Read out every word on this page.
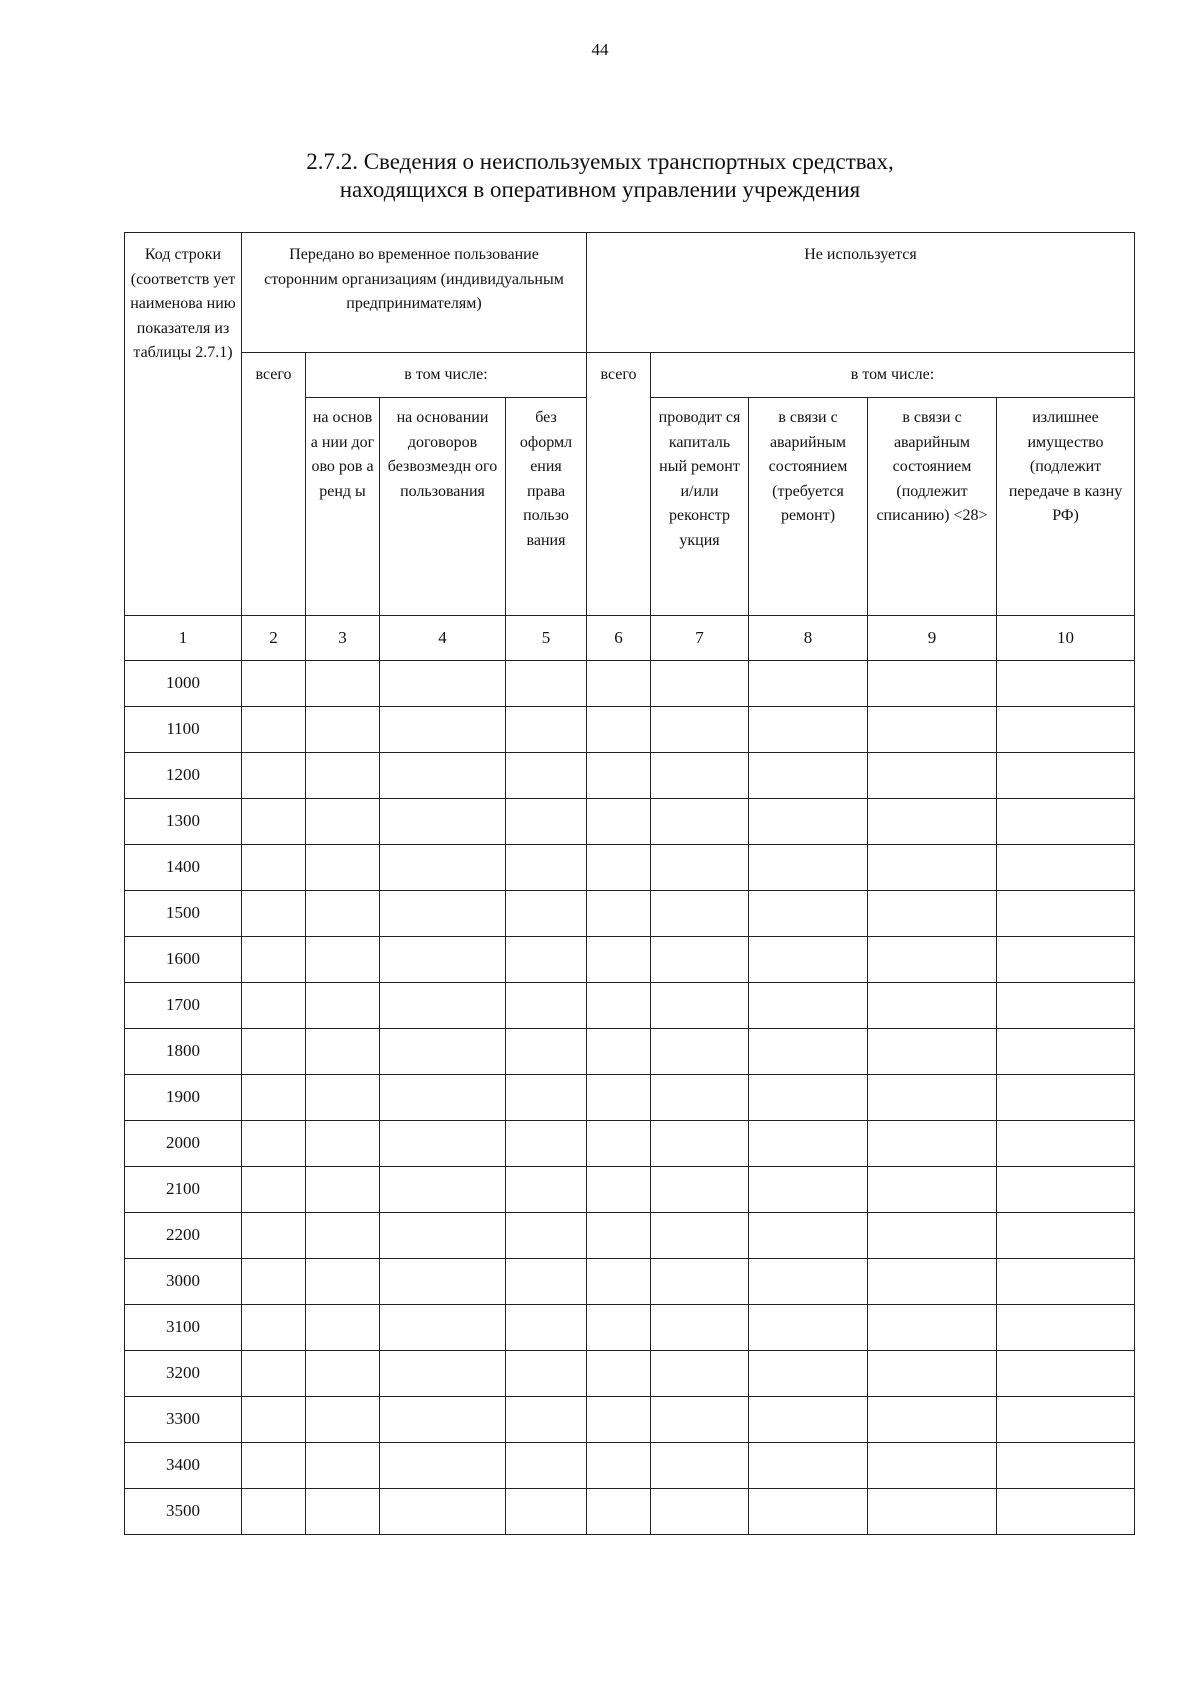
44
2.7.2. Сведения о неиспользуемых транспортных средствах,
находящихся в оперативном управлении учреждения
Код строки (соответств ует наименова нию показателя из таблицы 2.7.1)	Передано во временное пользование сторонним организациям (индивидуальным предпринимателям)				Не используется				

	всего	в том числе:			всего	в том числе:			

		на основа нии догово ров аренд ы	на основании договоров безвозмездн ого пользования	без оформл ения права пользо вания		проводит ся капиталь ный ремонт и/или реконстр укция	в связи с аварийным состоянием (требуется ремонт)	в связи с аварийным состоянием (подлежит списанию) <28>	излишнее имущество (подлежит передаче в казну РФ)

1	2	3	4	5	6	7	8	9	10
1000									
1100									
1200									
1300									
1400									
1500									
1600									
1700									
1800									
1900									
2000									
2100									
2200									
3000									
3100									
3200									
3300									
3400									
3500									
